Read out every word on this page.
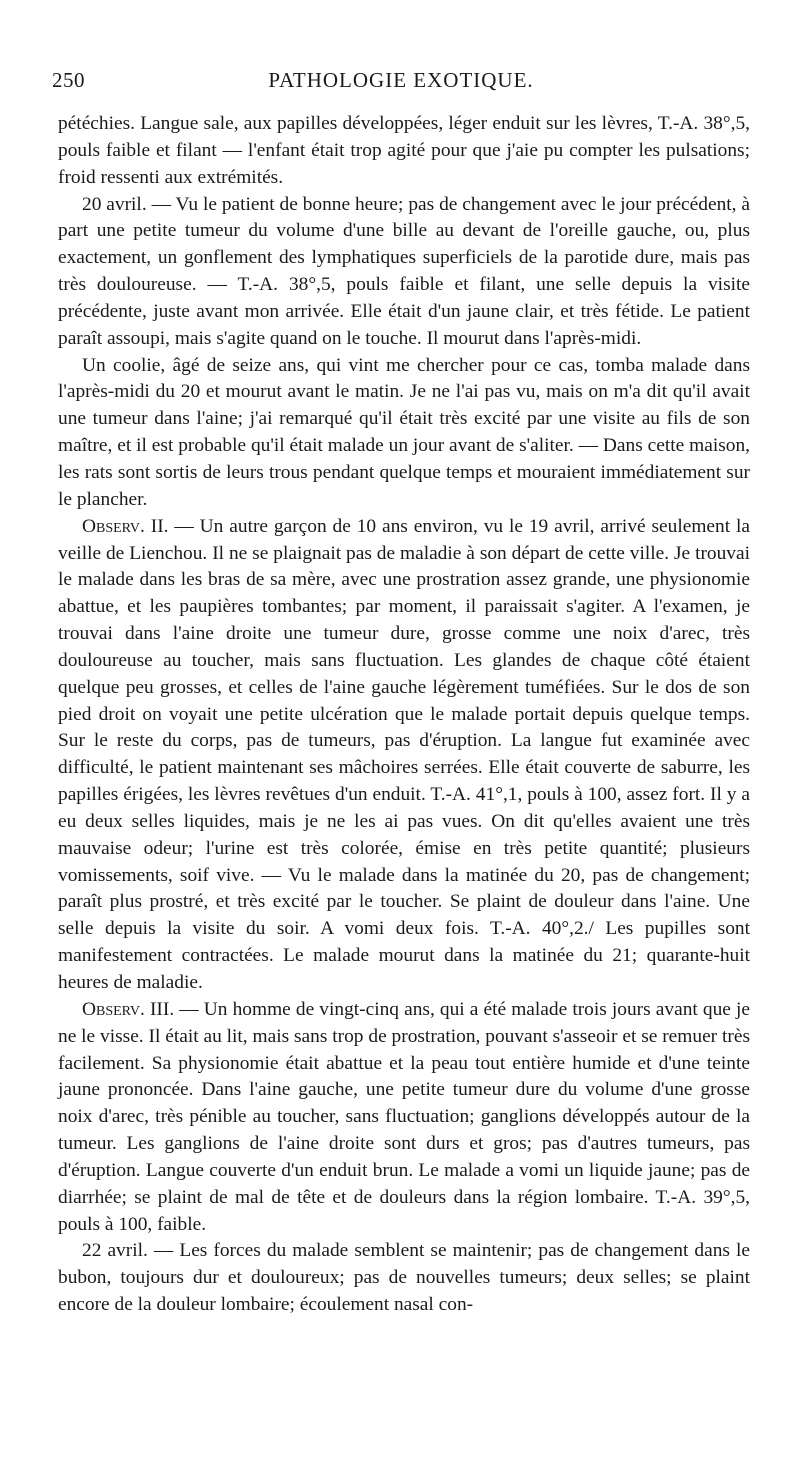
250	PATHOLOGIE EXOTIQUE.

pétéchies. Langue sale, aux papilles développées, léger enduit sur les lèvres, T.-A. 38°,5, pouls faible et filant — l'enfant était trop agité pour que j'aie pu compter les pulsations; froid ressenti aux extrémités.

20 avril. — Vu le patient de bonne heure; pas de changement avec le jour précédent, à part une petite tumeur du volume d'une bille au devant de l'oreille gauche, ou, plus exactement, un gonflement des lymphatiques superficiels de la parotide dure, mais pas très douloureuse. — T.-A. 38°,5, pouls faible et filant, une selle depuis la visite précédente, juste avant mon arrivée. Elle était d'un jaune clair, et très fétide. Le patient paraît assoupi, mais s'agite quand on le touche. Il mourut dans l'après-midi.

Un coolie, âgé de seize ans, qui vint me chercher pour ce cas, tomba malade dans l'après-midi du 20 et mourut avant le matin. Je ne l'ai pas vu, mais on m'a dit qu'il avait une tumeur dans l'aine; j'ai remarqué qu'il était très excité par une visite au fils de son maître, et il est probable qu'il était malade un jour avant de s'aliter. — Dans cette maison, les rats sont sortis de leurs trous pendant quelque temps et mouraient immédiatement sur le plancher.

Observ. II. — Un autre garçon de 10 ans environ, vu le 19 avril, arrivé seulement la veille de Lienchou. Il ne se plaignait pas de maladie à son départ de cette ville. Je trouvai le malade dans les bras de sa mère, avec une prostration assez grande, une physionomie abattue, et les paupières tombantes; par moment, il paraissait s'agiter. A l'examen, je trouvai dans l'aine droite une tumeur dure, grosse comme une noix d'arec, très douloureuse au toucher, mais sans fluctuation. Les glandes de chaque côté étaient quelque peu grosses, et celles de l'aine gauche légèrement tuméfiées. Sur le dos de son pied droit on voyait une petite ulcération que le malade portait depuis quelque temps. Sur le reste du corps, pas de tumeurs, pas d'éruption. La langue fut examinée avec difficulté, le patient maintenant ses mâchoires serrées. Elle était couverte de saburre, les papilles érigées, les lèvres revêtues d'un enduit. T.-A. 41°,1, pouls à 100, assez fort. Il y a eu deux selles liquides, mais je ne les ai pas vues. On dit qu'elles avaient une très mauvaise odeur; l'urine est très colorée, émise en très petite quantité; plusieurs vomissements, soif vive. — Vu le malade dans la matinée du 20, pas de changement; paraît plus prostré, et très excité par le toucher. Se plaint de douleur dans l'aine. Une selle depuis la visite du soir. A vomi deux fois. T.-A. 40°,2./ Les pupilles sont manifestement contractées. Le malade mourut dans la matinée du 21; quarante-huit heures de maladie.

Observ. III. — Un homme de vingt-cinq ans, qui a été malade trois jours avant que je ne le visse. Il était au lit, mais sans trop de prostration, pouvant s'asseoir et se remuer très facilement. Sa physionomie était abattue et la peau tout entière humide et d'une teinte jaune prononcée. Dans l'aine gauche, une petite tumeur dure du volume d'une grosse noix d'arec, très pénible au toucher, sans fluctuation; ganglions développés autour de la tumeur. Les ganglions de l'aine droite sont durs et gros; pas d'autres tumeurs, pas d'éruption. Langue couverte d'un enduit brun. Le malade a vomi un liquide jaune; pas de diarrhée; se plaint de mal de tête et de douleurs dans la région lombaire. T.-A. 39°,5, pouls à 100, faible.

22 avril. — Les forces du malade semblent se maintenir; pas de changement dans le bubon, toujours dur et douloureux; pas de nouvelles tumeurs; deux selles; se plaint encore de la douleur lombaire; écoulement nasal con-
